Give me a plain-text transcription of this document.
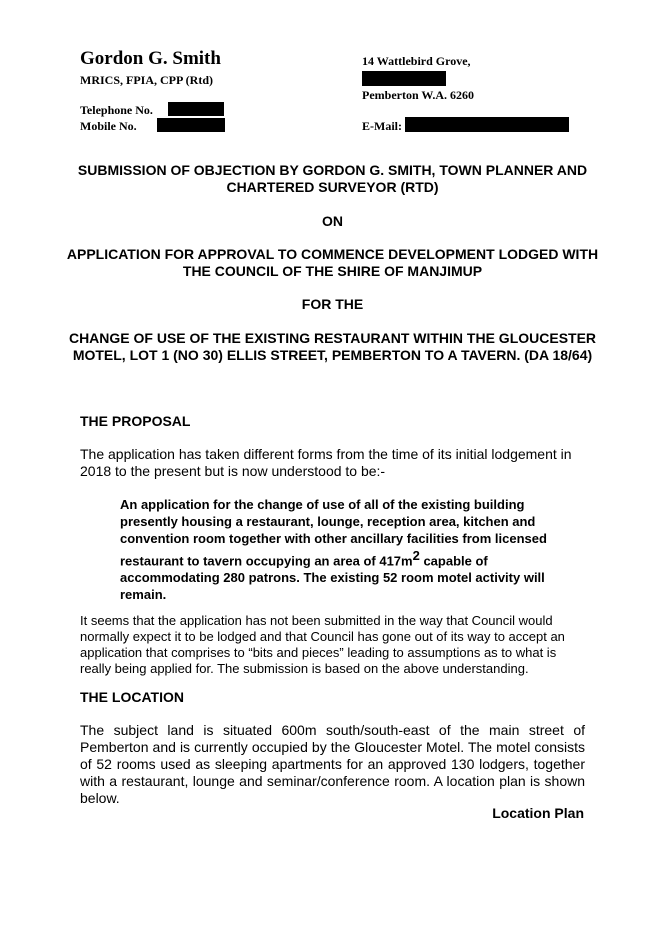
Gordon G. Smith
MRICS, FPIA, CPP (Rtd)
Telephone No.
Mobile No.
14 Wattlebird Grove,
Pemberton W.A. 6260
E-Mail:
SUBMISSION OF OBJECTION BY GORDON G. SMITH, TOWN PLANNER AND CHARTERED SURVEYOR (RTD)
ON
APPLICATION FOR APPROVAL TO COMMENCE DEVELOPMENT LODGED WITH THE COUNCIL OF THE SHIRE OF MANJIMUP
FOR THE
CHANGE OF USE OF THE EXISTING RESTAURANT WITHIN THE GLOUCESTER MOTEL, LOT 1 (NO 30) ELLIS STREET, PEMBERTON TO A TAVERN. (DA 18/64)
THE PROPOSAL
The application has taken different forms from the time of its initial lodgement in 2018 to the present but is now understood to be:-
An application for the change of use of all of the existing building presently housing a restaurant, lounge, reception area, kitchen and convention room together with other ancillary facilities from licensed restaurant to tavern occupying an area of $417m^2$ capable of accommodating 280 patrons. The existing 52 room motel activity will remain.
It seems that the application has not been submitted in the way that Council would normally expect it to be lodged and that Council has gone out of its way to accept an application that comprises to “bits and pieces” leading to assumptions as to what is really being applied for. The submission is based on the above understanding.
THE LOCATION
The subject land is situated 600m south/south-east of the main street of Pemberton and is currently occupied by the Gloucester Motel. The motel consists of 52 rooms used as sleeping apartments for an approved 130 lodgers, together with a restaurant, lounge and seminar/conference room. A location plan is shown below.
Location Plan
